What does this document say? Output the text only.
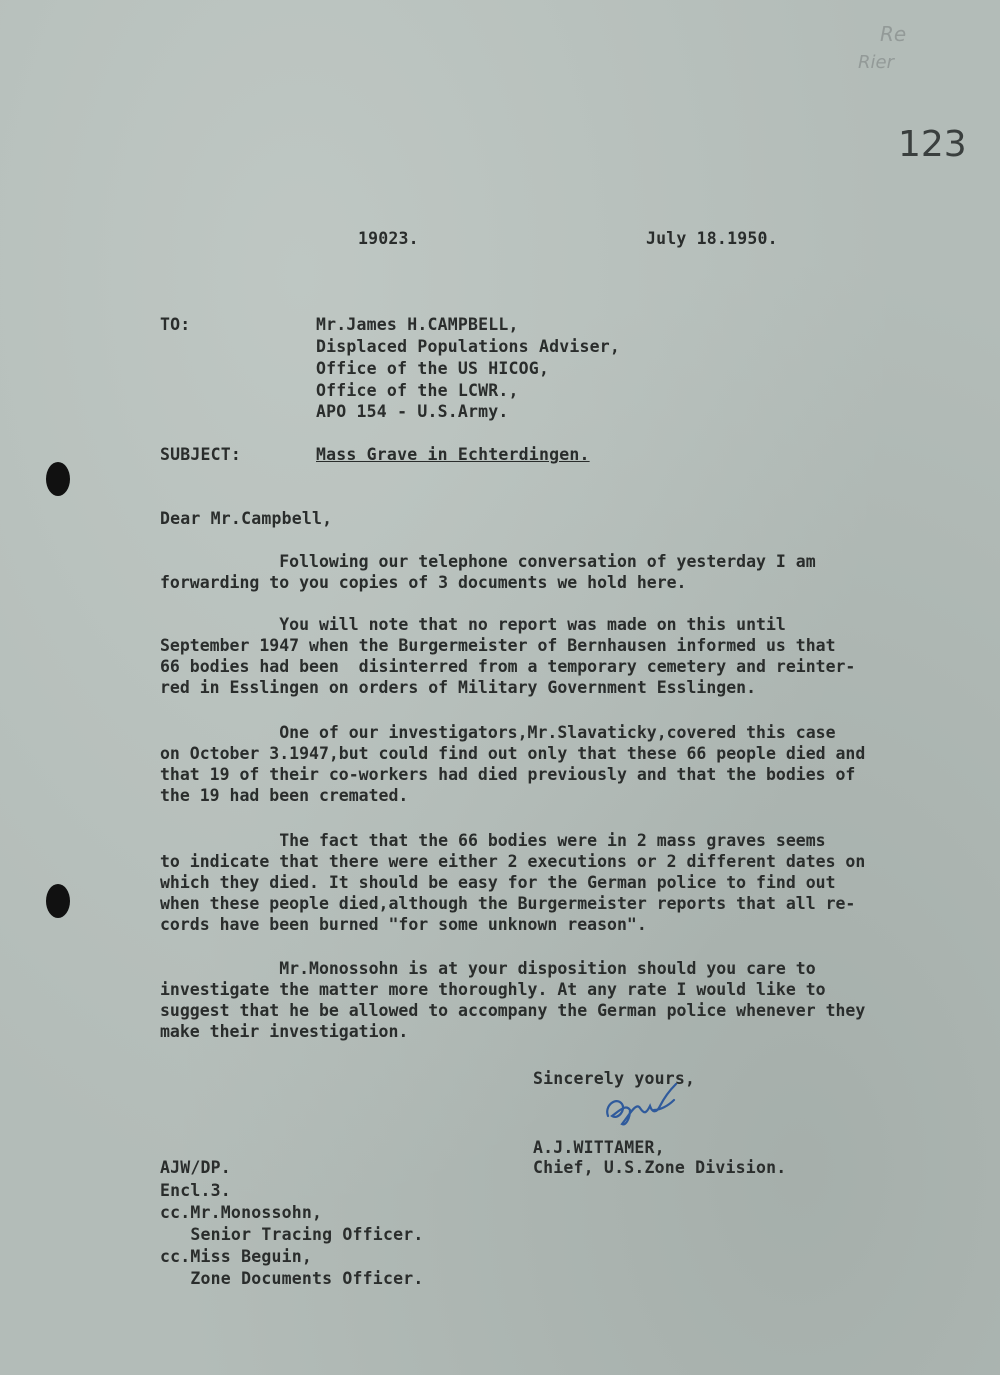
Re
Rier
123
19023.	July 18.1950.
TO:	Mr.James H.CAMPBELL,
Displaced Populations Adviser,
Office of the US HICOG,
Office of the LCWR.,
APO 154 - U.S.Army.
SUBJECT:	Mass Grave in Echterdingen.
Dear Mr.Campbell,
Following our telephone conversation of yesterday I am
forwarding to you copies of 3 documents we hold here.
You will note that no report was made on this until
September 1947 when the Burgermeister of Bernhausen informed us that
66 bodies had been  disinterred from a temporary cemetery and reinter-
red in Esslingen on orders of Military Government Esslingen.
One of our investigators,Mr.Slavaticky,covered this case
on October 3.1947,but could find out only that these 66 people died and
that 19 of their co-workers had died previously and that the bodies of
the 19 had been cremated.
The fact that the 66 bodies were in 2 mass graves seems
to indicate that there were either 2 executions or 2 different dates on
which they died. It should be easy for the German police to find out
when these people died,although the Burgermeister reports that all re-
cords have been burned "for some unknown reason".
Mr.Monossohn is at your disposition should you care to
investigate the matter more thoroughly. At any rate I would like to
suggest that he be allowed to accompany the German police whenever they
make their investigation.
Sincerely yours,
A.J.WITTAMER,
Chief, U.S.Zone Division.
AJW/DP.
Encl.3.
cc.Mr.Monossohn,
Senior Tracing Officer.
cc.Miss Beguin,
Zone Documents Officer.
